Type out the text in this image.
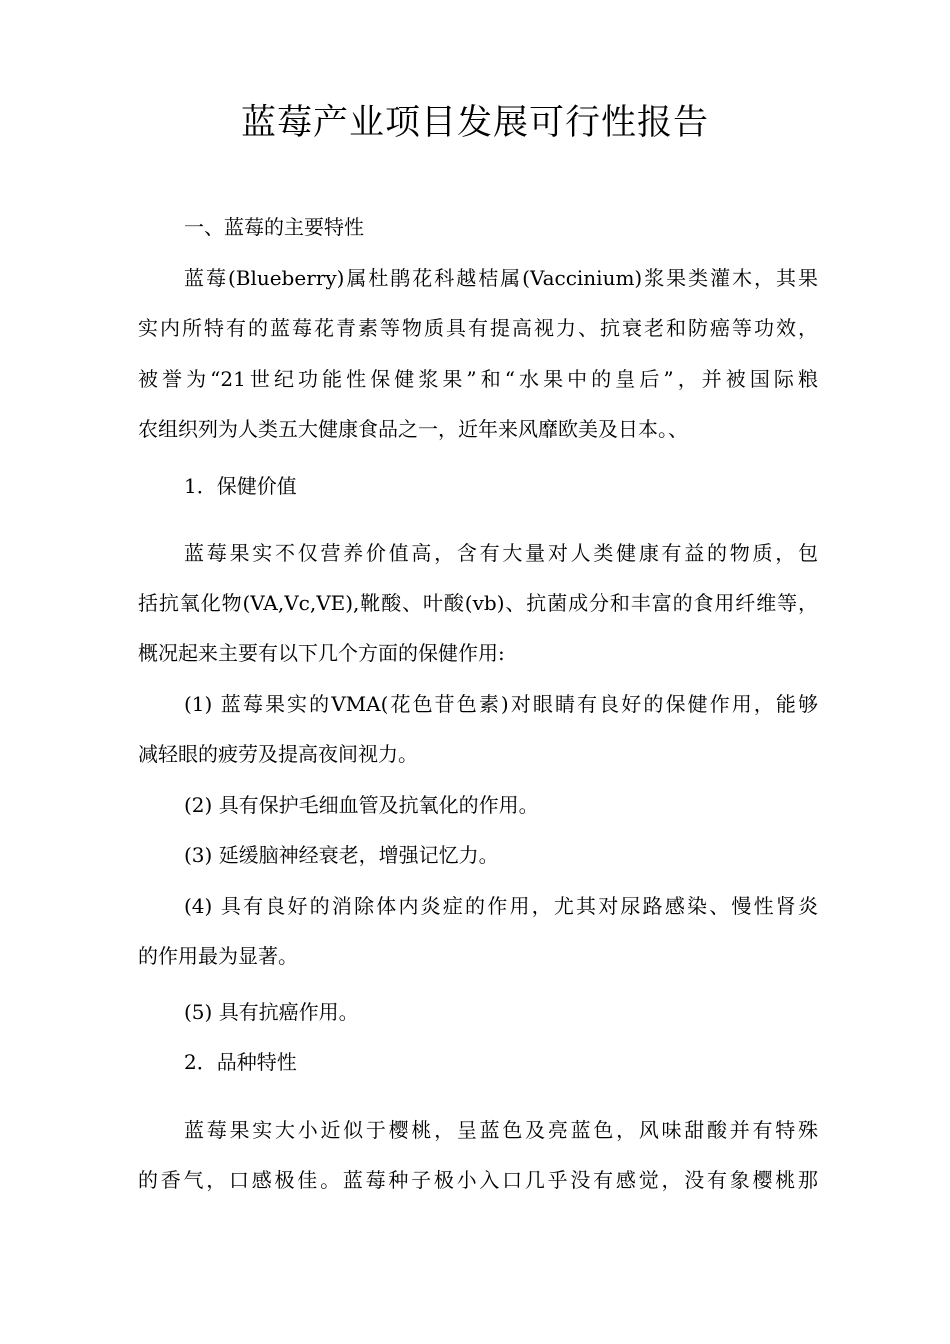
蓝莓产业项目发展可行性报告

一、蓝莓的主要特性

蓝莓(Blueberry)属杜鹃花科越桔属(Vaccinium)浆果类灌木，其果

实内所特有的蓝莓花青素等物质具有提高视力、抗衰老和防癌等功效，

被誉为“21世纪功能性保健浆果”和“水果中的皇后”，并被国际粮

农组织列为人类五大健康食品之一，近年来风靡欧美及日本。、

1．保健价值

蓝莓果实不仅营养价值高，含有大量对人类健康有益的物质，包

括抗氧化物(VA,Vc,VE),靴酸、叶酸(vb)、抗菌成分和丰富的食用纤维等，

概况起来主要有以下几个方面的保健作用:

(1) 蓝莓果实的VMA(花色苷色素)对眼睛有良好的保健作用，能够

减轻眼的疲劳及提高夜间视力。

(2) 具有保护毛细血管及抗氧化的作用。

(3) 延缓脑神经衰老，增强记忆力。

(4) 具有良好的消除体内炎症的作用，尤其对尿路感染、慢性肾炎

的作用最为显著。

(5) 具有抗癌作用。

2．品种特性

蓝莓果实大小近似于樱桃，呈蓝色及亮蓝色，风味甜酸并有特殊

的香气，口感极佳。蓝莓种子极小入口几乎没有感觉，没有象樱桃那
